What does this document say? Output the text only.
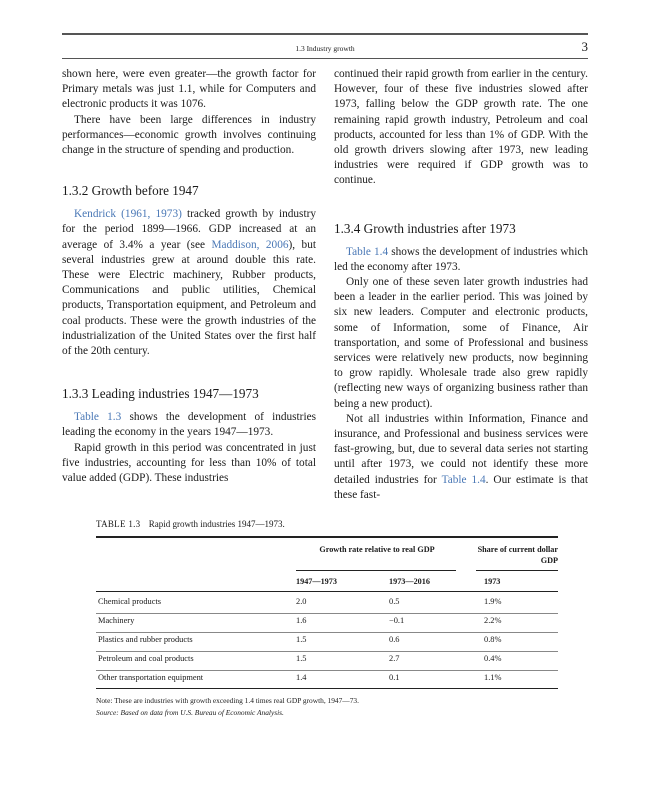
1.3 Industry growth	3

shown here, were even greater—the growth factor for Primary metals was just 1.1, while for Computers and electronic products it was 1076.

There have been large differences in industry performances—economic growth involves continuing change in the structure of spending and production.

1.3.2 Growth before 1947

Kendrick (1961, 1973) tracked growth by industry for the period 1899—1966. GDP increased at an average of 3.4% a year (see Maddison, 2006), but several industries grew at around double this rate. These were Electric machinery, Rubber products, Communications and public utilities, Chemical products, Transportation equipment, and Petroleum and coal products. These were the growth industries of the industrialization of the United States over the first half of the 20th century.

1.3.3 Leading industries 1947—1973

Table 1.3 shows the development of industries leading the economy in the years 1947—1973.

Rapid growth in this period was concentrated in just five industries, accounting for less than 10% of total value added (GDP). These industries

continued their rapid growth from earlier in the century. However, four of these five industries slowed after 1973, falling below the GDP growth rate. The one remaining rapid growth industry, Petroleum and coal products, accounted for less than 1% of GDP. With the old growth drivers slowing after 1973, new leading industries were required if GDP growth was to continue.

1.3.4 Growth industries after 1973

Table 1.4 shows the development of industries which led the economy after 1973.

Only one of these seven later growth industries had been a leader in the earlier period. This was joined by six new leaders. Computer and electronic products, some of Information, some of Finance, Air transportation, and some of Professional and business services were relatively new products, now beginning to grow rapidly. Wholesale trade also grew rapidly (reflecting new ways of organizing business rather than being a new product).

Not all industries within Information, Finance and insurance, and Professional and business services were fast-growing, but, due to several data series not starting until after 1973, we could not identify these more detailed industries for Table 1.4. Our estimate is that these fast-

TABLE 1.3 Rapid growth industries 1947—1973.
Growth rate relative to real GDP	Share of current dollar GDP
1947—1973	1973—2016	1973
Chemical products	2.0	0.5	1.9%
Machinery	1.6	−0.1	2.2%
Plastics and rubber products	1.5	0.6	0.8%
Petroleum and coal products	1.5	2.7	0.4%
Other transportation equipment	1.4	0.1	1.1%
Note: These are industries with growth exceeding 1.4 times real GDP growth, 1947—73.
Source: Based on data from U.S. Bureau of Economic Analysis.
